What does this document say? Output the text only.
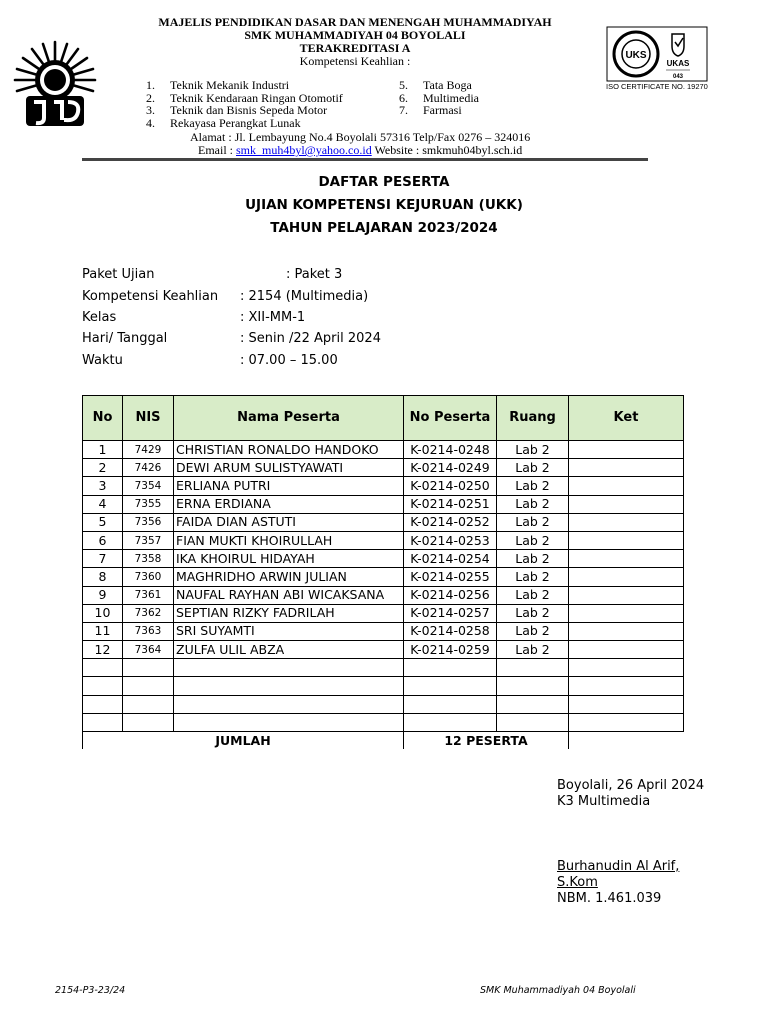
MAJELIS PENDIDIKAN DASAR DAN MENENGAH MUHAMMADIYAH
SMK MUHAMMADIYAH 04 BOYOLALI
TERAKREDITASI A
Kompetensi Keahlian :
1. Teknik Mekanik Industri
2. Teknik Kendaraan Ringan Otomotif
3. Teknik dan Bisnis Sepeda Motor
4. Rekayasa Perangkat Lunak
5. Tata Boga
6. Multimedia
7. Farmasi
Alamat : Jl. Lembayung No.4 Boyolali 57316 Telp/Fax 0276 – 324016
Email : smk_muh4byl@yahoo.co.id Website : smkmuh04byl.sch.id
UKS
UKAS
043
ISO CERTIFICATE NO. 19270
DAFTAR PESERTA
UJIAN KOMPETENSI KEJURUAN (UKK)
TAHUN PELAJARAN 2023/2024
Paket Ujian	: Paket 3
Kompetensi Keahlian : 2154 (Multimedia)
Kelas	: XII-MM-1
Hari/ Tanggal	: Senin /22 April 2024
Waktu	: 07.00 – 15.00
No	NIS	Nama Peserta	No Peserta	Ruang	Ket
1	7429	CHRISTIAN RONALDO HANDOKO	K-0214-0248	Lab 2	
2	7426	DEWI ARUM SULISTYAWATI	K-0214-0249	Lab 2	
3	7354	ERLIANA PUTRI	K-0214-0250	Lab 2	
4	7355	ERNA ERDIANA	K-0214-0251	Lab 2	
5	7356	FAIDA DIAN ASTUTI	K-0214-0252	Lab 2	
6	7357	FIAN MUKTI KHOIRULLAH	K-0214-0253	Lab 2	
7	7358	IKA KHOIRUL HIDAYAH	K-0214-0254	Lab 2	
8	7360	MAGHRIDHO ARWIN JULIAN	K-0214-0255	Lab 2	
9	7361	NAUFAL RAYHAN ABI WICAKSANA	K-0214-0256	Lab 2	
10	7362	SEPTIAN RIZKY FADRILAH	K-0214-0257	Lab 2	
11	7363	SRI SUYAMTI	K-0214-0258	Lab 2	
12	7364	ZULFA ULIL ABZA	K-0214-0259	Lab 2	

JUMLAH			12 PESERTA		
Boyolali, 26 April 2024
K3 Multimedia
Burhanudin Al Arif,
S.Kom
NBM. 1.461.039
2154-P3-23/24	SMK Muhammadiyah 04 Boyolali
